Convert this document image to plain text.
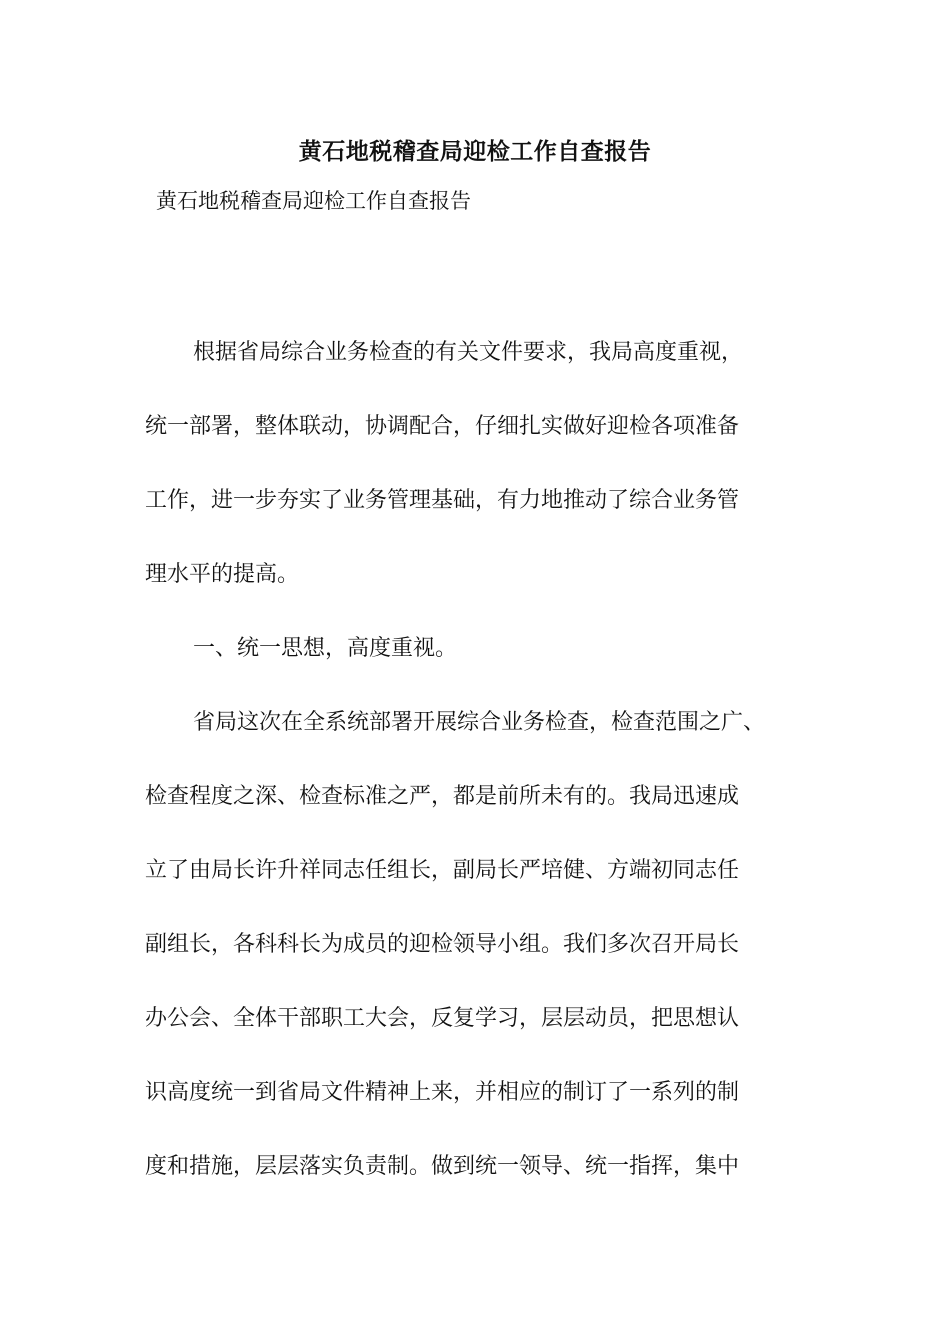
黄石地税稽查局迎检工作自查报告
黄石地税稽查局迎检工作自查报告
根据省局综合业务检查的有关文件要求，我局高度重视，
统一部署，整体联动，协调配合，仔细扎实做好迎检各项准备
工作，进一步夯实了业务管理基础，有力地推动了综合业务管
理水平的提高。
一、统一思想，高度重视。
省局这次在全系统部署开展综合业务检查，检查范围之广、
检查程度之深、检查标准之严，都是前所未有的。我局迅速成
立了由局长许升祥同志任组长，副局长严培健、方端初同志任
副组长，各科科长为成员的迎检领导小组。我们多次召开局长
办公会、全体干部职工大会，反复学习，层层动员，把思想认
识高度统一到省局文件精神上来，并相应的制订了一系列的制
度和措施，层层落实负责制。做到统一领导、统一指挥，集中
